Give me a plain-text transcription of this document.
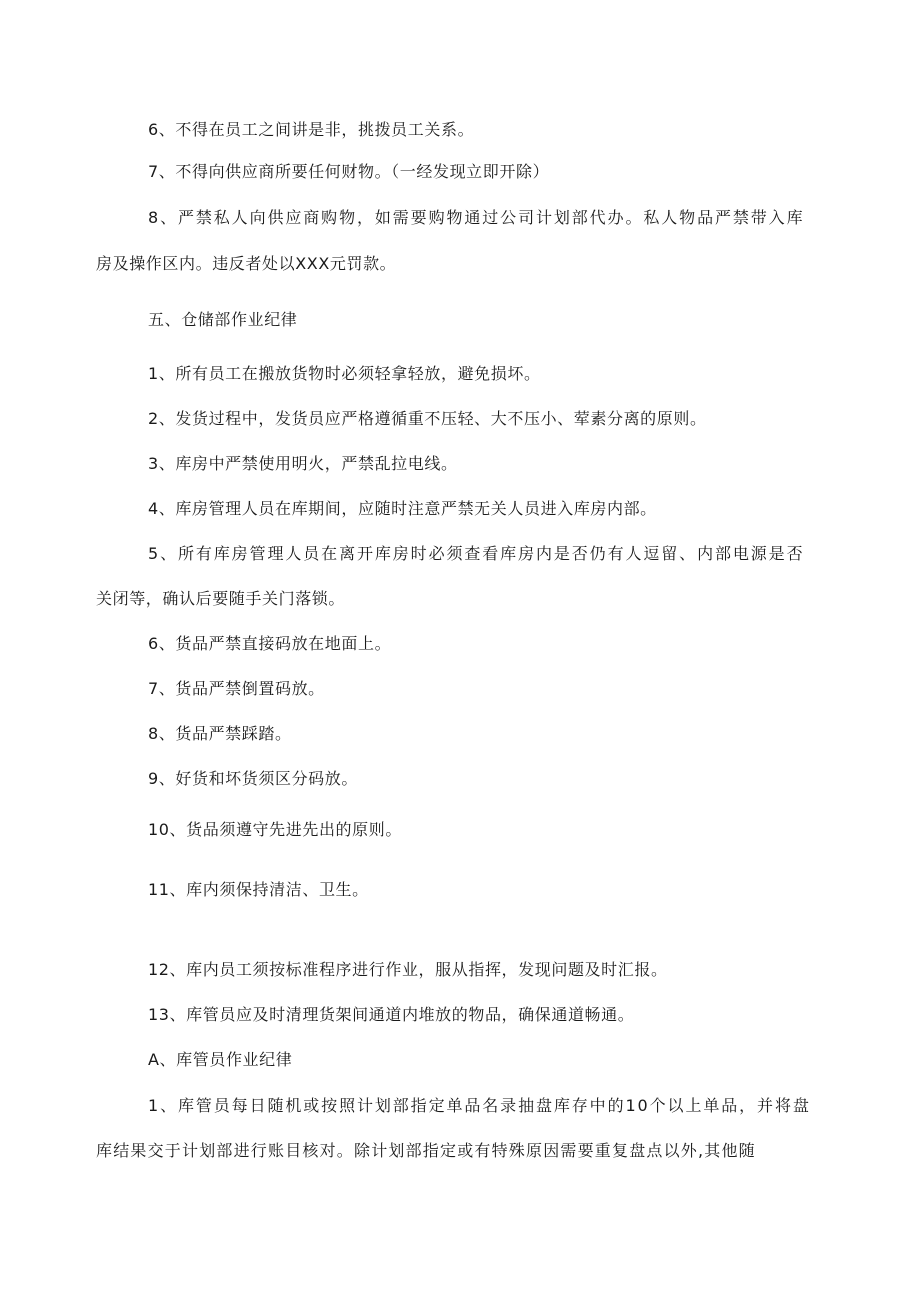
6、不得在员工之间讲是非，挑拨员工关系。
7、不得向供应商所要任何财物。（一经发现立即开除）
8、严禁私人向供应商购物，如需要购物通过公司计划部代办。私人物品严禁带入库
房及操作区内。违反者处以XXX元罚款。
五、仓储部作业纪律
1、所有员工在搬放货物时必须轻拿轻放，避免损坏。
2、发货过程中，发货员应严格遵循重不压轻、大不压小、荤素分离的原则。
3、库房中严禁使用明火，严禁乱拉电线。
4、库房管理人员在库期间，应随时注意严禁无关人员进入库房内部。
5、所有库房管理人员在离开库房时必须查看库房内是否仍有人逗留、内部电源是否
关闭等，确认后要随手关门落锁。
6、货品严禁直接码放在地面上。
7、货品严禁倒置码放。
8、货品严禁踩踏。
9、好货和坏货须区分码放。
10、货品须遵守先进先出的原则。
11、库内须保持清洁、卫生。
12、库内员工须按标准程序进行作业，服从指挥，发现问题及时汇报。
13、库管员应及时清理货架间通道内堆放的物品，确保通道畅通。
A、库管员作业纪律
1、库管员每日随机或按照计划部指定单品名录抽盘库存中的10个以上单品，并将盘
库结果交于计划部进行账目核对。除计划部指定或有特殊原因需要重复盘点以外,其他随
